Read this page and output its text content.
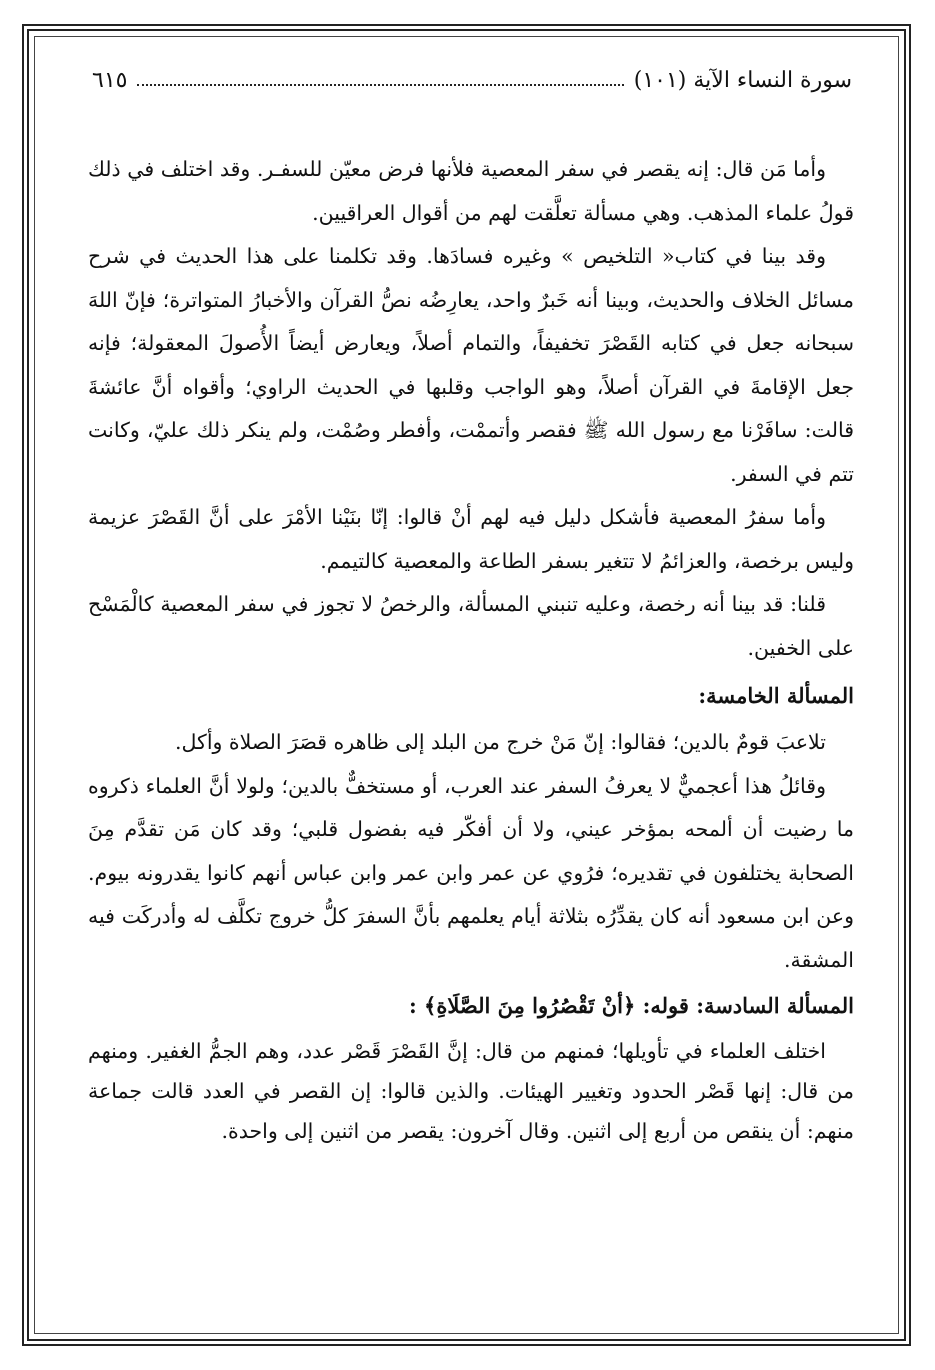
سورة النساء الآية (١٠١)
٦١٥

وأما مَن قال: إنه يقصر في سفر المعصية فلأنها فرض معيّن للسفـر. وقد اختلف في ذلك قولُ علماء المذهب. وهي مسألة تعلَّقت لهم من أقوال العراقيين.

وقد بينا في كتاب« التلخيص » وغيره فسادَها. وقد تكلمنا على هذا الحديث في شرح مسائل الخلاف والحديث، وبينا أنه خَبرٌ واحد، يعارِضُه نصُّ القرآن والأخبارُ المتواترة؛ فإنّ اللهَ سبحانه جعل في كتابه القَصْرَ تخفيفاً، والتمام أصلاً، ويعارض أيضاً الأُصولَ المعقولة؛ فإنه جعل الإقامةَ في القرآن أصلاً، وهو الواجب وقلبها في الحديث الراوي؛ وأقواه أنَّ عائشةَ قالت: سافَرْنا مع رسول الله ﷺ فقصر وأتممْت، وأفطر وصُمْت، ولم ينكر ذلك عليّ، وكانت تتم في السفر.

وأما سفرُ المعصية فأشكل دليل فيه لهم أنْ قالوا: إنّا بنَيْنا الأمْرَ على أنَّ القَصْرَ عزيمة وليس برخصة، والعزائمُ لا تتغير بسفر الطاعة والمعصية كالتيمم.

قلنا: قد بينا أنه رخصة، وعليه تنبني المسألة، والرخصُ لا تجوز في سفر المعصية كالْمَسْح على الخفين.

المسألة الخامسة:

تلاعبَ قومٌ بالدين؛ فقالوا: إنّ مَنْ خرج من البلد إلى ظاهره قصَرَ الصلاة وأكل.

وقائلُ هذا أعجميٌّ لا يعرفُ السفر عند العرب، أو مستخفٌّ بالدين؛ ولولا أنَّ العلماء ذكروه ما رضيت أن ألمحه بمؤخر عيني، ولا أن أفكّر فيه بفضول قلبي؛ وقد كان مَن تقدَّم مِنَ الصحابة يختلفون في تقديره؛ فرُوي عن عمر وابن عمر وابن عباس أنهم كانوا يقدرونه بيوم. وعن ابن مسعود أنه كان يقدِّرُه بثلاثة أيام يعلمهم بأنَّ السفرَ كلُّ خروج تكلَّف له وأدركَت فيه المشقة.

المسألة السادسة: قوله: ﴿أنْ تَقْصُرُوا مِنَ الصَّلَاةِ﴾ :

اختلف العلماء في تأويلها؛ فمنهم من قال: إنَّ القَصْرَ قَصْر عدد، وهم الجمُّ الغفير. ومنهم من قال: إنها قَصْر الحدود وتغيير الهيئات. والذين قالوا: إن القصر في العدد قالت جماعة منهم: أن ينقص من أربع إلى اثنين. وقال آخرون: يقصر من اثنين إلى واحدة.
